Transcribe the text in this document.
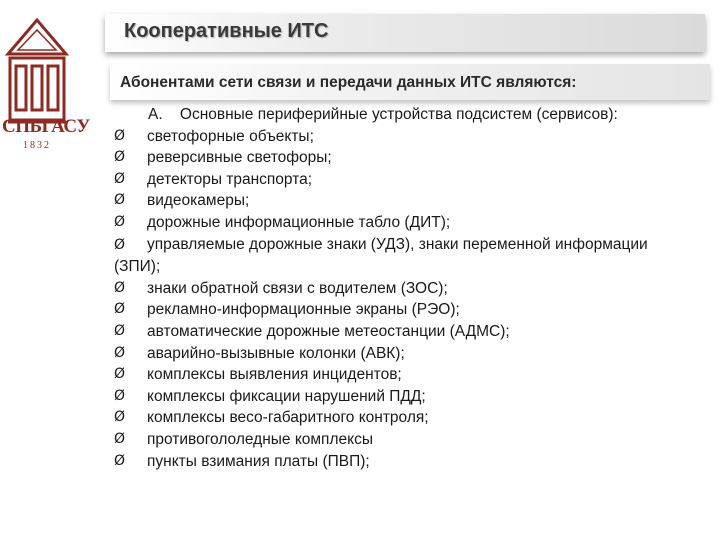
СПБГАСУ
1832
Кооперативные ИТС
Абонентами сети связи и передачи данных ИТС являются:
А. Основные периферийные устройства подсистем (сервисов):
Ø	светофорные объекты;
Ø	реверсивные светофоры;
Ø	детекторы транспорта;
Ø	видеокамеры;
Ø	дорожные информационные табло (ДИТ);
Ø управляемые дорожные знаки (УДЗ), знаки переменной информации (ЗПИ);
Ø	знаки обратной связи с водителем (ЗОС);
Ø	рекламно-информационные экраны (РЭО);
Ø	автоматические дорожные метеостанции (АДМС);
Ø	аварийно-вызывные колонки (АВК);
Ø	комплексы выявления инцидентов;
Ø	комплексы фиксации нарушений ПДД;
Ø	комплексы весо-габаритного контроля;
Ø	противогололедные комплексы
Ø	пункты взимания платы (ПВП);
